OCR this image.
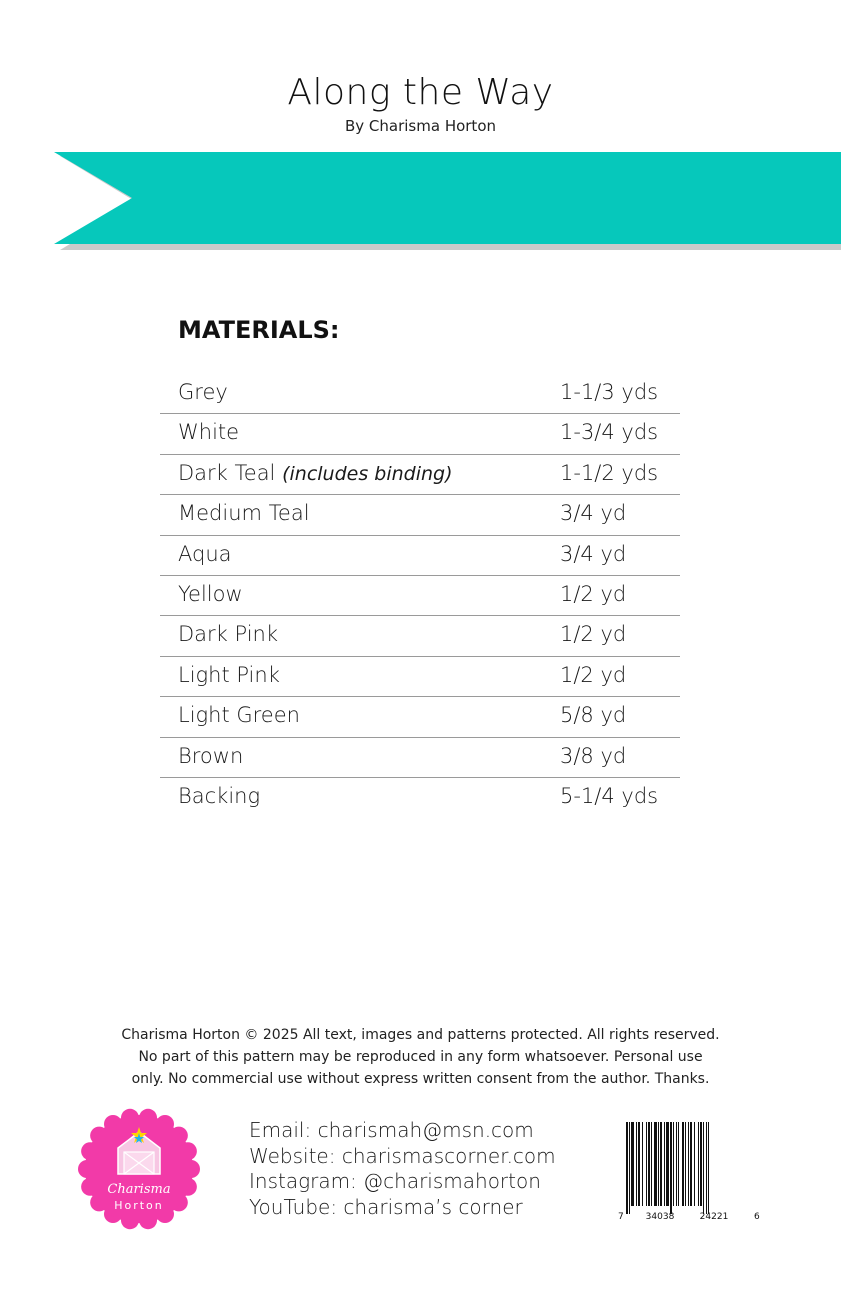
Along the Way
By Charisma Horton
MATERIALS:
Grey	1-1/3 yds
White	1-3/4 yds
Dark Teal (includes binding)	1-1/2 yds
Medium Teal	3/4 yd
Aqua	3/4 yd
Yellow	1/2 yd
Dark Pink	1/2 yd
Light Pink	1/2 yd
Light Green	5/8 yd
Brown	3/8 yd
Backing	5-1/4 yds
Charisma Horton © 2025 All text, images and patterns protected. All rights reserved.
No part of this pattern may be reproduced in any form whatsoever. Personal use
only. No commercial use without express written consent from the author. Thanks.
Charisma
Horton
Email: charismah@msn.com
Website: charismascorner.com
Instagram: @charismahorton
YouTube: charisma’s corner	7 34038	24221	6
